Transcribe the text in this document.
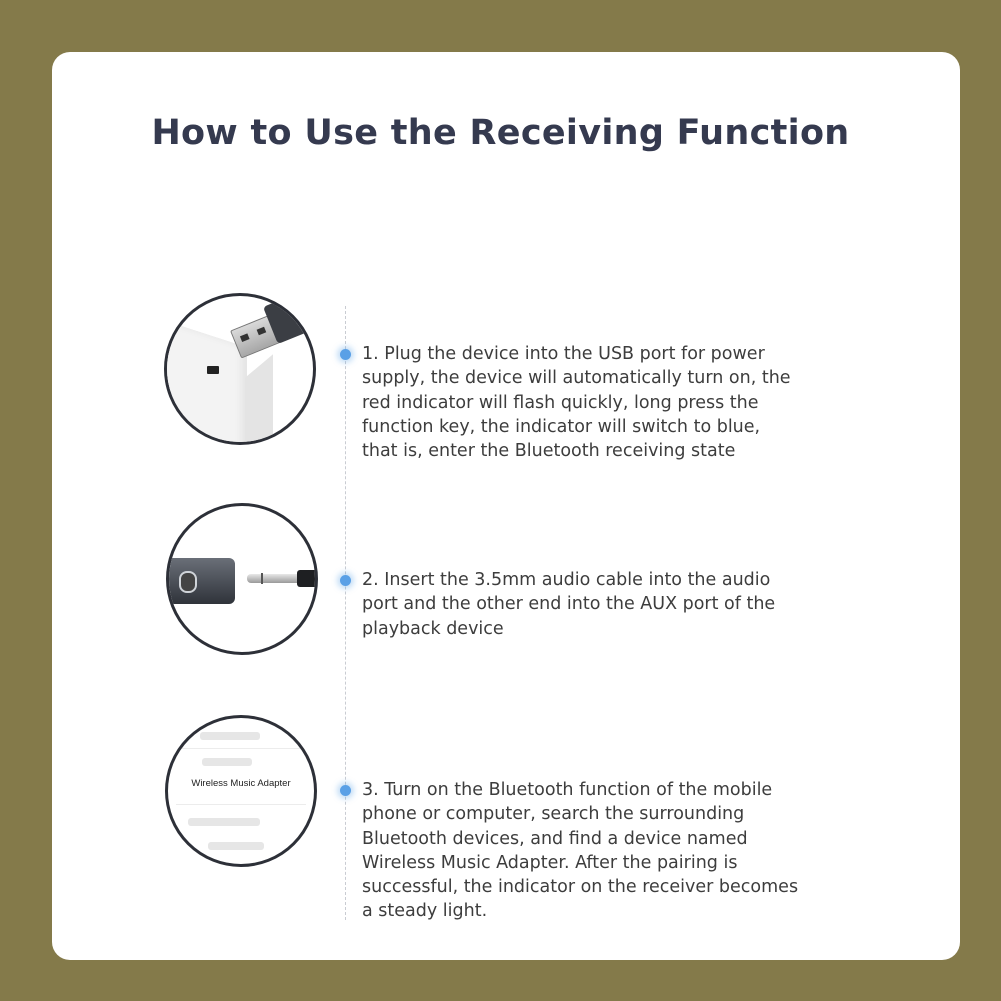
How to Use the Receiving Function
1. Plug the device into the USB port for power
supply, the device will automatically turn on, the
red indicator will flash quickly, long press the
function key, the indicator will switch to blue,
that is, enter the Bluetooth receiving state
2. Insert the 3.5mm audio cable into the audio
port and the other end into the AUX port of the
playback device
Wireless Music Adapter	3. Turn on the Bluetooth function of the mobile
phone or computer, search the surrounding
Bluetooth devices, and find a device named
Wireless Music Adapter. After the pairing is
successful, the indicator on the receiver becomes
a steady light.
